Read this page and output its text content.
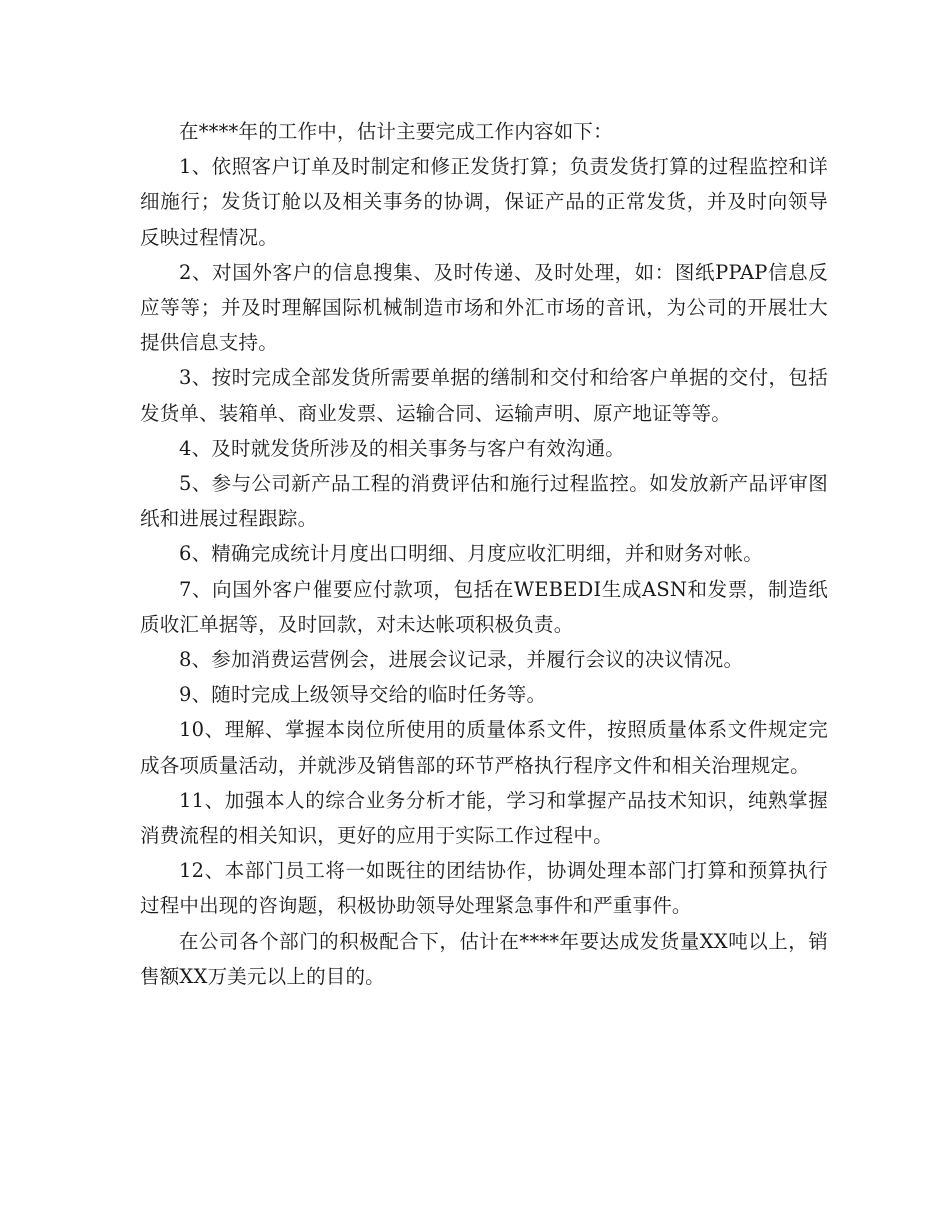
在****年的工作中，估计主要完成工作内容如下：

1、依照客户订单及时制定和修正发货打算；负责发货打算的过程监控和详细施行；发货订舱以及相关事务的协调，保证产品的正常发货，并及时向领导反映过程情况。

2、对国外客户的信息搜集、及时传递、及时处理，如：图纸PPAP信息反应等等；并及时理解国际机械制造市场和外汇市场的音讯，为公司的开展壮大提供信息支持。

3、按时完成全部发货所需要单据的缮制和交付和给客户单据的交付，包括发货单、装箱单、商业发票、运输合同、运输声明、原产地证等等。

4、及时就发货所涉及的相关事务与客户有效沟通。

5、参与公司新产品工程的消费评估和施行过程监控。如发放新产品评审图纸和进展过程跟踪。

6、精确完成统计月度出口明细、月度应收汇明细，并和财务对帐。

7、向国外客户催要应付款项，包括在WEBEDI生成ASN和发票，制造纸质收汇单据等，及时回款，对未达帐项积极负责。

8、参加消费运营例会，进展会议记录，并履行会议的决议情况。

9、随时完成上级领导交给的临时任务等。

10、理解、掌握本岗位所使用的质量体系文件，按照质量体系文件规定完成各项质量活动，并就涉及销售部的环节严格执行程序文件和相关治理规定。

11、加强本人的综合业务分析才能，学习和掌握产品技术知识，纯熟掌握消费流程的相关知识，更好的应用于实际工作过程中。

12、本部门员工将一如既往的团结协作，协调处理本部门打算和预算执行过程中出现的咨询题，积极协助领导处理紧急事件和严重事件。

在公司各个部门的积极配合下，估计在****年要达成发货量XX吨以上，销售额XX万美元以上的目的。
